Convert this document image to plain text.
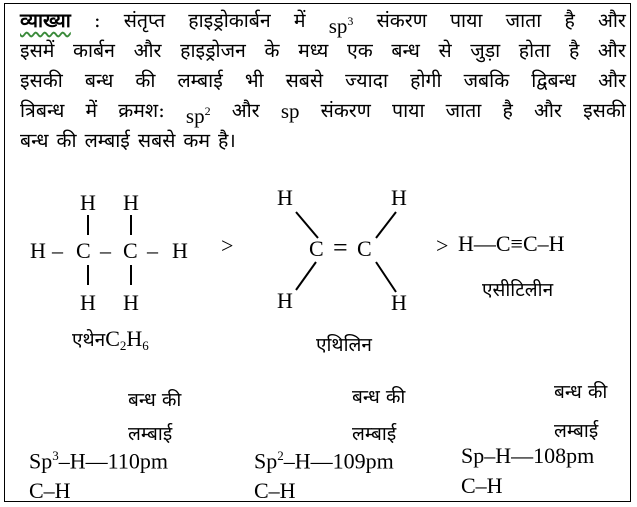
व्याख्या : संतृप्त हाइड्रोकार्बन में $sp^3$ संकरण पाया जाता है और
इसमें कार्बन और हाइड्रोजन के मध्य एक बन्ध से जुड़ा होता है और
इसकी बन्ध की लम्बाई भी सबसे ज्यादा होगी जबकि द्विबन्ध और
त्रिबन्ध में क्रमश: $sp^2$ और sp संकरण पाया जाता है और इसकी
बन्ध की लम्बाई सबसे कम है।
H H
H – C – C – H
H H
$एथेनC_2H_6$
>
H	H
C = C
H	H
एथिलिन
> H—C≡C–H
एसीटिलीन
बन्ध की
लम्बाई
बन्ध की
लम्बाई
बन्ध की
लम्बाई
Sp$^3$–H—110pm
C–H
Sp$^2$–H—109pm
C–H
Sp–H—108pm
C–H
